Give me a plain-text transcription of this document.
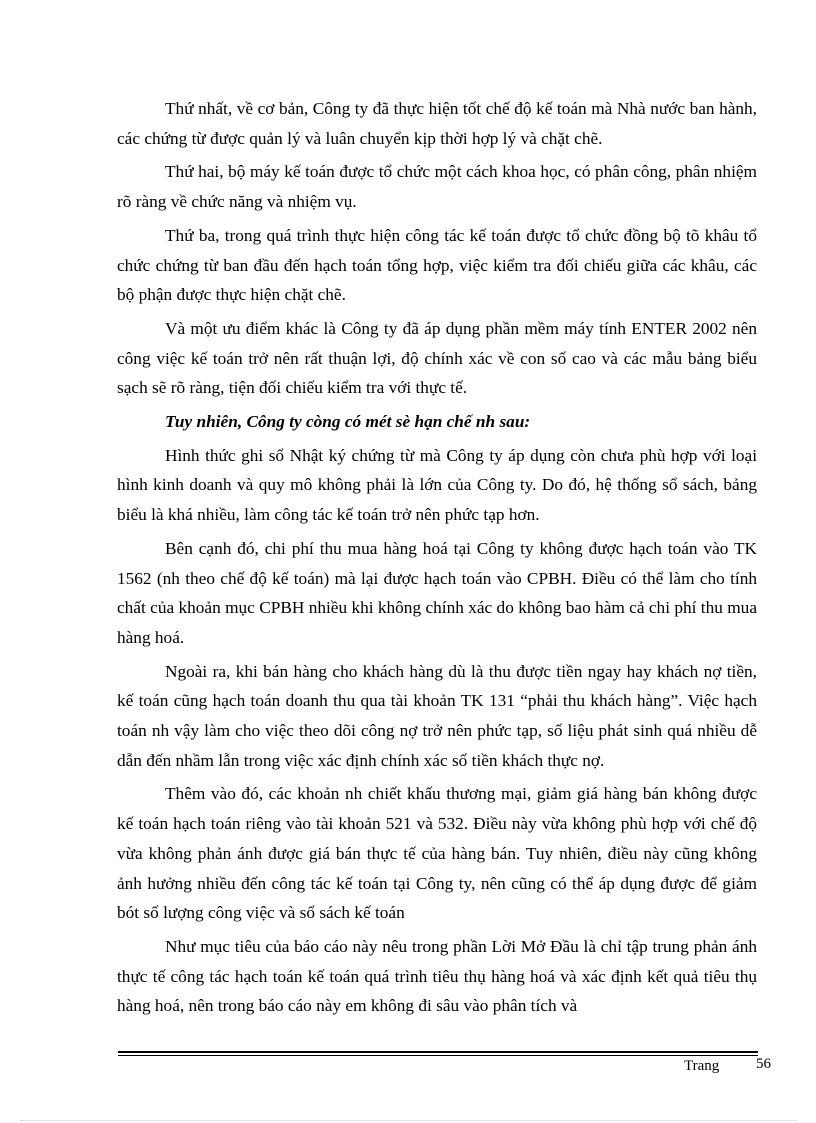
Thứ nhất, về cơ bản, Công ty đã thực hiện tốt chế độ kế toán mà Nhà nước ban hành, các chứng từ được quản lý và luân chuyển kịp thời hợp lý và chặt chẽ.

Thứ hai, bộ máy kế toán được tổ chức một cách khoa học, có phân công, phân nhiệm rõ ràng về chức năng và nhiệm vụ.

Thứ ba, trong quá trình thực hiện công tác kế toán được tổ chức đồng bộ tõ khâu tổ chức chứng từ ban đầu đến hạch toán tổng hợp, việc kiểm tra đối chiếu giữa các khâu, các bộ phận được thực hiện chặt chẽ.

Và một ưu điểm khác là Công ty đã áp dụng phần mềm máy tính ENTER 2002 nên công việc kế toán trở nên rất thuận lợi, độ chính xác về con số cao và các mẫu bảng biểu sạch sẽ rõ ràng, tiện đối chiếu kiểm tra với thực tế.

Tuy nhiên, Công ty còng có mét sè hạn chế nh sau:

Hình thức ghi sổ Nhật ký chứng từ mà Công ty áp dụng còn chưa phù hợp với loại hình kinh doanh và quy mô không phải là lớn của Công ty. Do đó, hệ thống sổ sách, bảng biểu là khá nhiều, làm công tác kế toán trở nên phức tạp hơn.

Bên cạnh đó, chi phí thu mua hàng hoá tại Công ty không được hạch toán vào TK 1562 (nh theo chế độ kế toán) mà lại được hạch toán vào CPBH. Điều có thể làm cho tính chất của khoản mục CPBH nhiều khi không chính xác do không bao hàm cả chi phí thu mua hàng hoá.

Ngoài ra, khi bán hàng cho khách hàng dù là thu được tiền ngay hay khách nợ tiền, kế toán cũng hạch toán doanh thu qua tài khoản TK 131 “phải thu khách hàng”. Việc hạch toán nh vậy làm cho việc theo dõi công nợ trở nên phức tạp, số liệu phát sinh quá nhiều dễ dẫn đến nhầm lẫn trong việc xác định chính xác số tiền khách thực nợ.

Thêm vào đó, các khoản nh chiết khấu thương mại, giảm giá hàng bán không được kế toán hạch toán riêng vào tài khoản 521 và 532. Điều này vừa không phù hợp với chế độ vừa không phản ánh được giá bán thực tế của hàng bán. Tuy nhiên, điều này cũng không ảnh hưởng nhiều đến công tác kế toán tại Công ty, nên cũng có thể áp dụng được để giảm bót số lượng công việc và sổ sách kế toán

Như mục tiêu của báo cáo này nêu trong phần Lời Mở Đầu là chỉ tập trung phản ánh thực tế công tác hạch toán kế toán quá trình tiêu thụ hàng hoá và xác định kết quả tiêu thụ hàng hoá, nên trong báo cáo này em không đi sâu vào phân tích và

Trang 56
